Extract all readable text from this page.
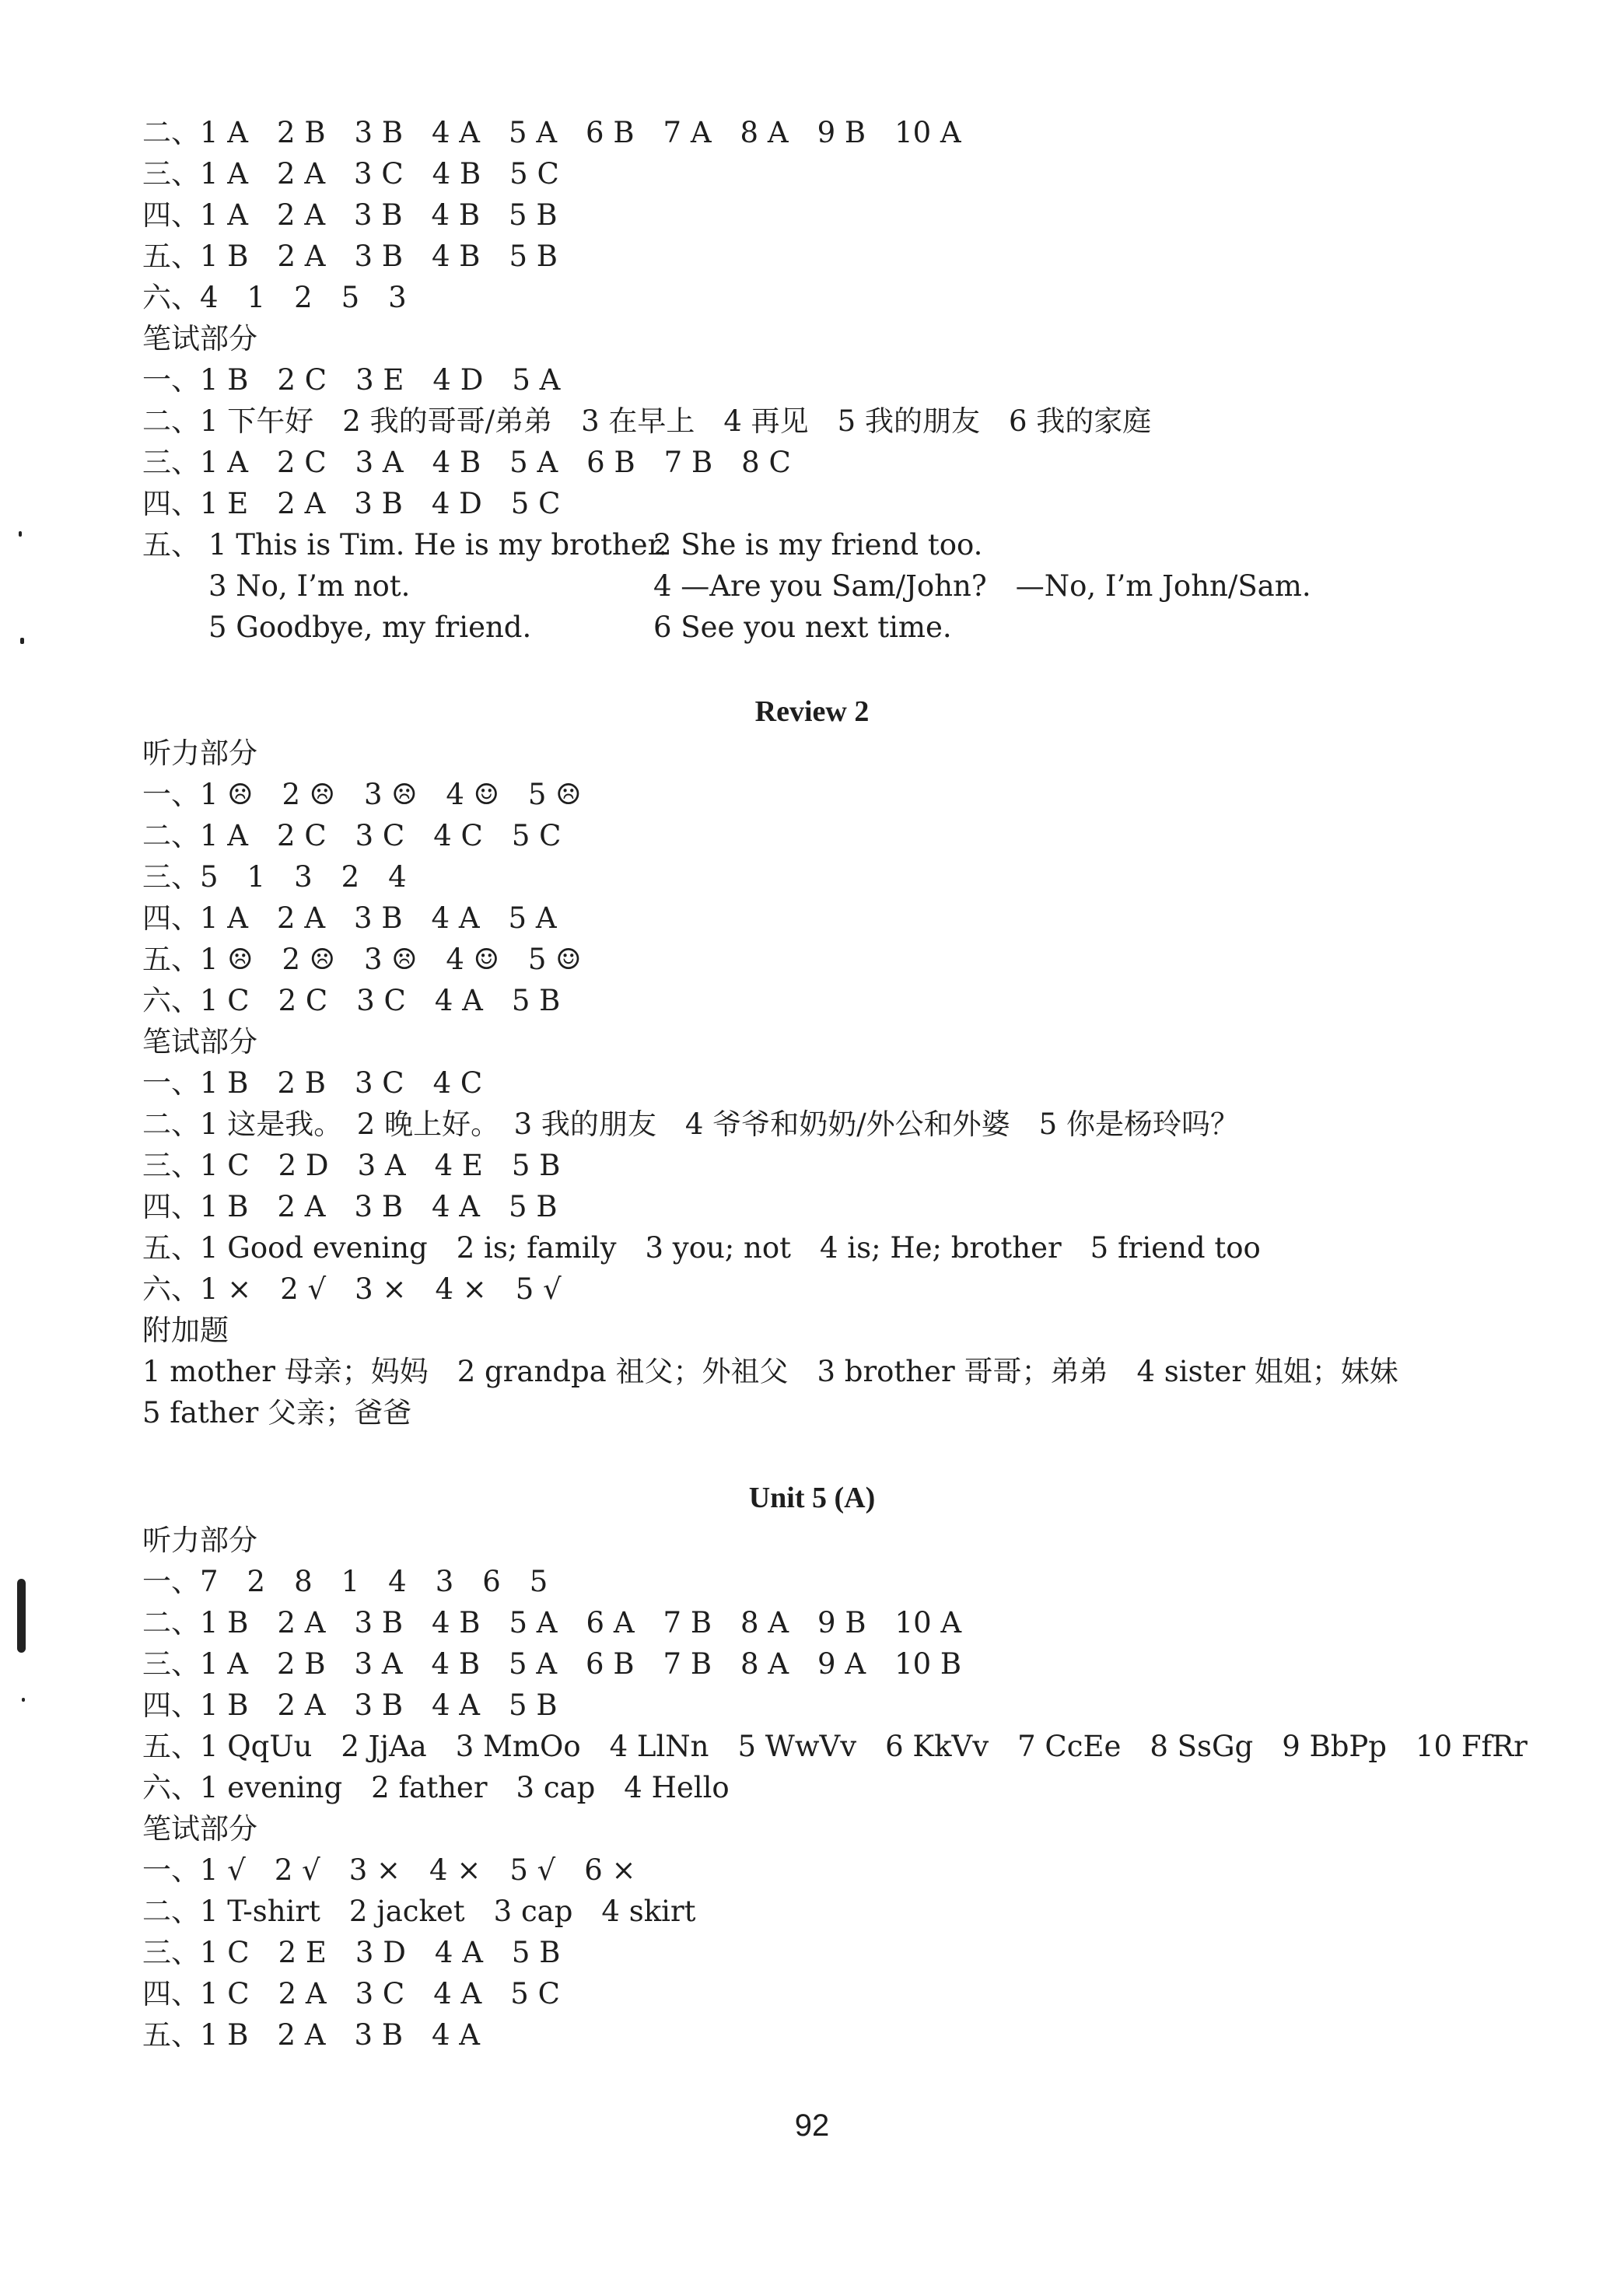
二、1 A　2 B　3 B　4 A　5 A　6 B　7 A　8 A　9 B　10 A
三、1 A　2 A　3 C　4 B　5 C
四、1 A　2 A　3 B　4 B　5 B
五、1 B　2 A　3 B　4 B　5 B
六、4　1　2　5　3
笔试部分
一、1 B　2 C　3 E　4 D　5 A
二、1 下午好　2 我的哥哥/弟弟　3 在早上　4 再见　5 我的朋友　6 我的家庭
三、1 A　2 C　3 A　4 B　5 A　6 B　7 B　8 C
四、1 E　2 A　3 B　4 D　5 C
五、 1 This is Tim. He is my brother.
2 She is my friend too.
3 No, I’m not.	4 —Are you Sam/John?　—No, I’m John/Sam.
5 Goodbye, my friend.	6 See you next time.
Review 2
听力部分
一、1 ☹　2 ☹　3 ☹　4 ☺　5 ☹
二、1 A　2 C　3 C　4 C　5 C
三、5　1　3　2　4
四、1 A　2 A　3 B　4 A　5 A
五、1 ☹　2 ☹　3 ☹　4 ☺　5 ☺
六、1 C　2 C　3 C　4 A　5 B
笔试部分
一、1 B　2 B　3 C　4 C
二、1 这是我。　2 晚上好。　3 我的朋友　4 爷爷和奶奶/外公和外婆　5 你是杨玲吗？
三、1 C　2 D　3 A　4 E　5 B
四、1 B　2 A　3 B　4 A　5 B
五、1 Good evening　2 is; family　3 you; not　4 is; He; brother　5 friend too
六、1 ×　2 √　3 ×　4 ×　5 √
附加题
1 mother 母亲；妈妈　2 grandpa 祖父；外祖父　3 brother 哥哥；弟弟　4 sister 姐姐；妹妹
5 father 父亲；爸爸
Unit 5 (A)
听力部分
一、7　2　8　1　4　3　6　5
二、1 B　2 A　3 B　4 B　5 A　6 A　7 B　8 A　9 B　10 A
三、1 A　2 B　3 A　4 B　5 A　6 B　7 B　8 A　9 A　10 B
四、1 B　2 A　3 B　4 A　5 B
五、1 QqUu　2 JjAa　3 MmOo　4 LlNn　5 WwVv　6 KkVv　7 CcEe　8 SsGg　9 BbPp　10 FfRr
六、1 evening　2 father　3 cap　4 Hello
笔试部分
一、1 √　2 √　3 ×　4 ×　5 √　6 ×
二、1 T-shirt　2 jacket　3 cap　4 skirt
三、1 C　2 E　3 D　4 A　5 B
四、1 C　2 A　3 C　4 A　5 C
五、1 B　2 A　3 B　4 A
92
